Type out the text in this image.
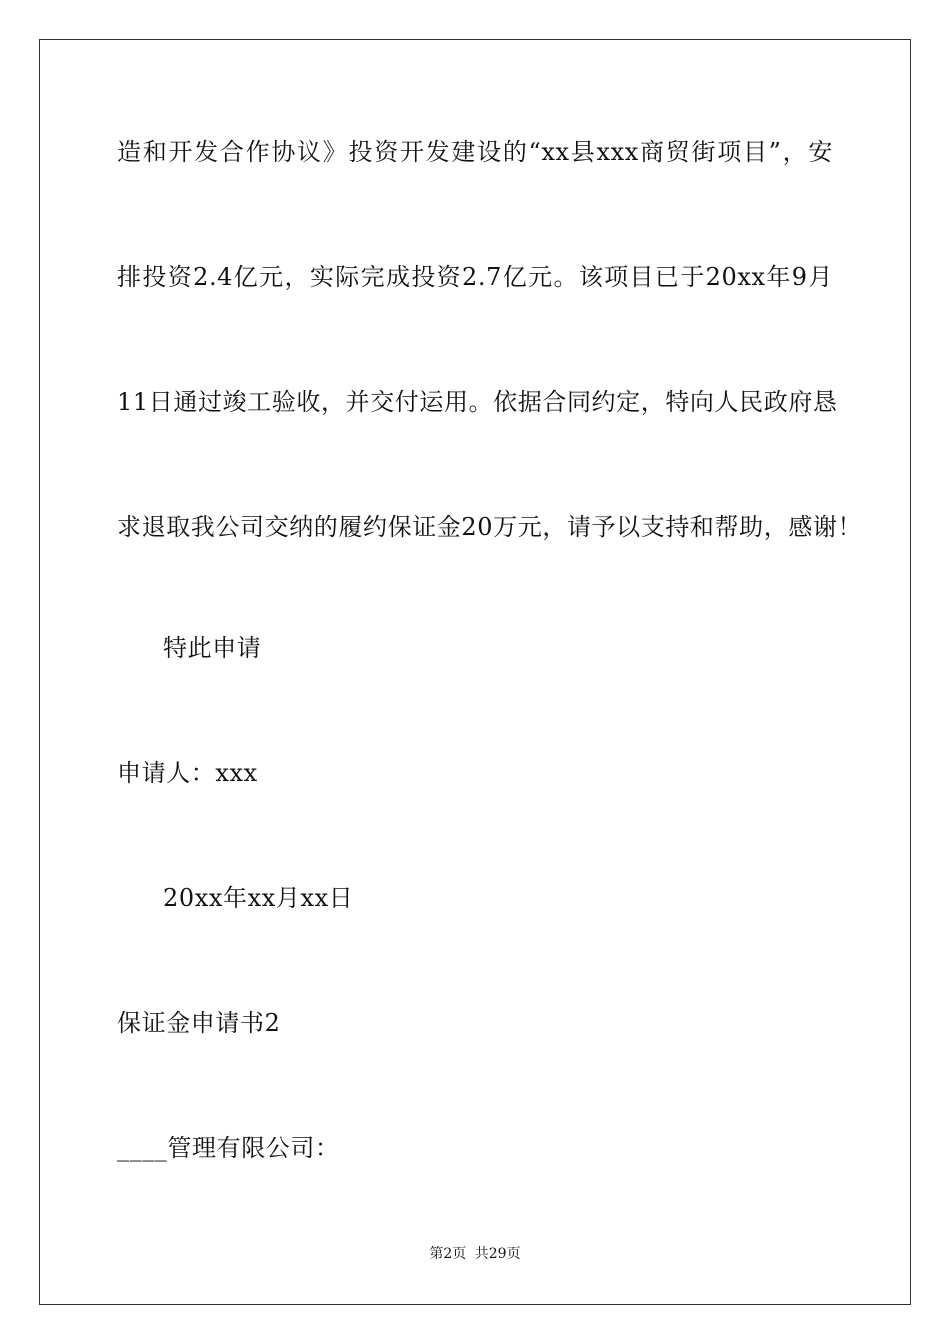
造和开发合作协议》投资开发建设的“xx县xxx商贸街项目”，安
排投资2.4亿元，实际完成投资2.7亿元。该项目已于20xx年9月
11日通过竣工验收，并交付运用。依据合同约定，特向人民政府恳
求退取我公司交纳的履约保证金20万元，请予以支持和帮助，感谢！
特此申请
申请人：xxx
20xx年xx月xx日
保证金申请书2
____管理有限公司：
第2页 共29页
